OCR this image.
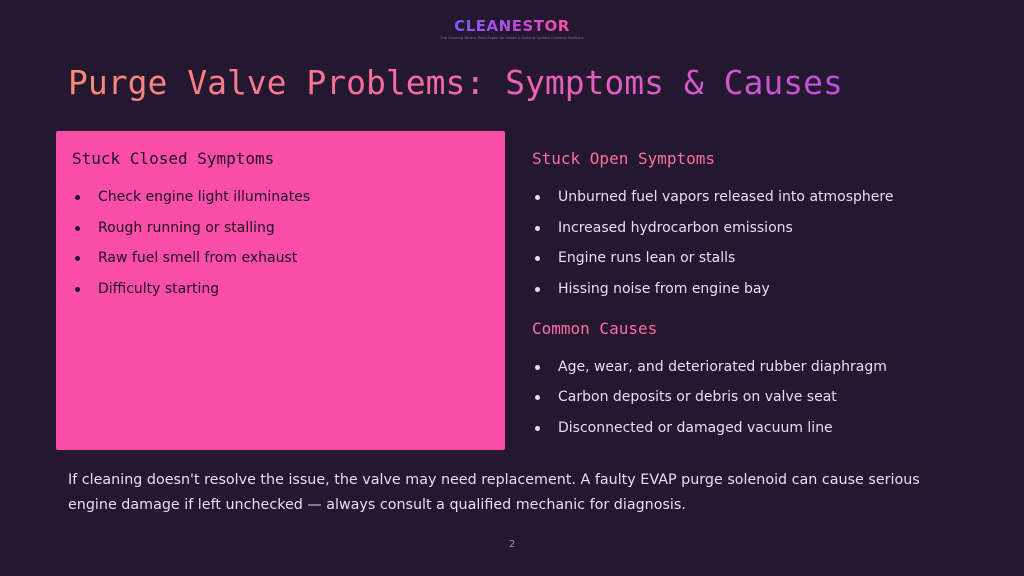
CLEANESTOR
The Cleaning Device Parts Expert for Intake & Exhaust System Cleaning Solutions
Purge Valve Problems: Symptoms & Causes
Stuck Closed Symptoms
Check engine light illuminates
Rough running or stalling
Raw fuel smell from exhaust
Difficulty starting
Stuck Open Symptoms
Unburned fuel vapors released into atmosphere
Increased hydrocarbon emissions
Engine runs lean or stalls
Hissing noise from engine bay
Common Causes
Age, wear, and deteriorated rubber diaphragm
Carbon deposits or debris on valve seat
Disconnected or damaged vacuum line

If cleaning doesn't resolve the issue, the valve may need replacement. A faulty EVAP purge solenoid can cause serious engine damage if left unchecked — always consult a qualified mechanic for diagnosis.

2
